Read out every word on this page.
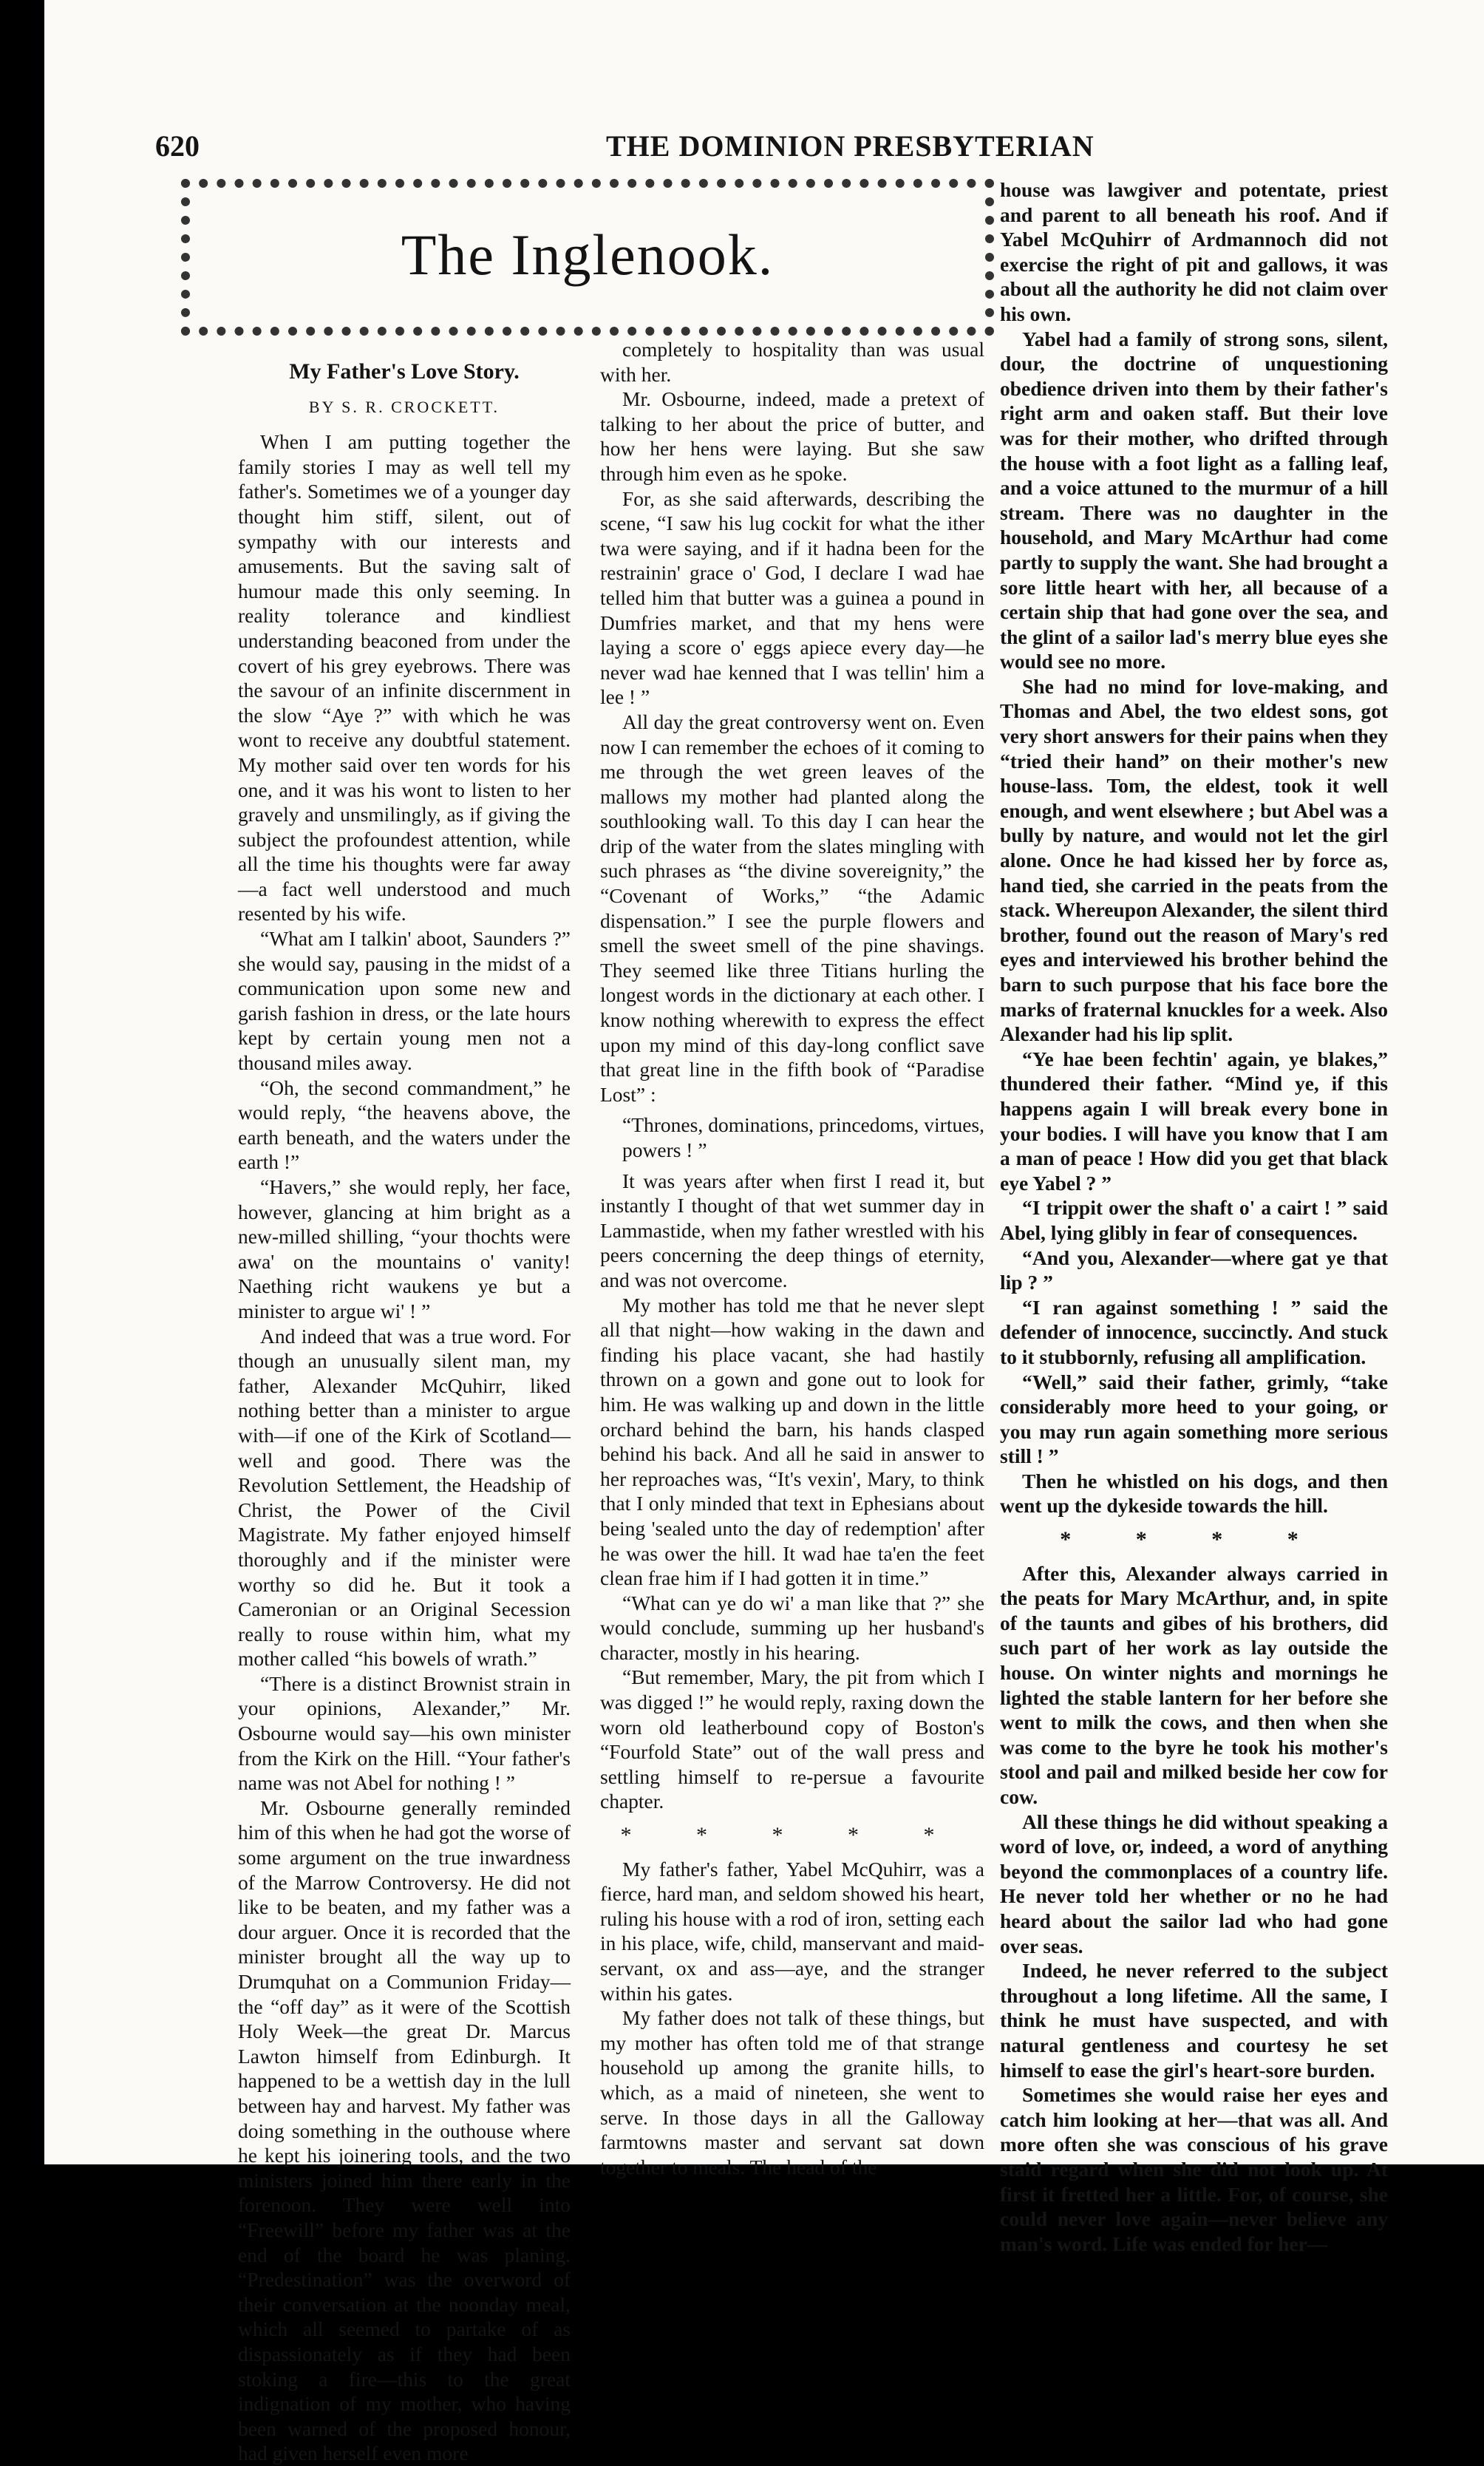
620	THE DOMINION PRESBYTERIAN
The Inglenook.

My Father's Love Story.

BY S. R. CROCKETT.

When I am putting together the family stories I may as well tell my father's. Sometimes we of a younger day thought him stiff, silent, out of sympathy with our interests and amusements. But the saving salt of humour made this only seeming. In reality tolerance and kindliest understanding beaconed from under the covert of his grey eyebrows. There was the savour of an infinite discernment in the slow “Aye ?” with which he was wont to receive any doubtful statement. My mother said over ten words for his one, and it was his wont to listen to her gravely and unsmilingly, as if giving the subject the profoundest attention, while all the time his thoughts were far away—a fact well understood and much resented by his wife.

“What am I talkin' aboot, Saunders ?” she would say, pausing in the midst of a communication upon some new and garish fashion in dress, or the late hours kept by certain young men not a thousand miles away.

“Oh, the second commandment,” he would reply, “the heavens above, the earth beneath, and the waters under the earth !”

“Havers,” she would reply, her face, however, glancing at him bright as a new-milled shilling, “your thochts were awa' on the mountains o' vanity! Naething richt waukens ye but a minister to argue wi' ! ”

And indeed that was a true word. For though an unusually silent man, my father, Alexander McQuhirr, liked nothing better than a minister to argue with—if one of the Kirk of Scotland—well and good. There was the Revolution Settlement, the Headship of Christ, the Power of the Civil Magistrate. My father enjoyed himself thoroughly and if the minister were worthy so did he. But it took a Cameronian or an Original Secession really to rouse within him, what my mother called “his bowels of wrath.”

“There is a distinct Brownist strain in your opinions, Alexander,” Mr. Osbourne would say—his own minister from the Kirk on the Hill. “Your father's name was not Abel for nothing ! ”

Mr. Osbourne generally reminded him of this when he had got the worse of some argument on the true inwardness of the Marrow Controversy. He did not like to be beaten, and my father was a dour arguer. Once it is recorded that the minister brought all the way up to Drumquhat on a Communion Friday—the “off day” as it were of the Scottish Holy Week—the great Dr. Marcus Lawton himself from Edinburgh. It happened to be a wettish day in the lull between hay and harvest. My father was doing something in the outhouse where he kept his joinering tools, and the two ministers joined him there early in the forenoon. They were well into “Freewill” before my father was at the end of the board he was planing. “Predestination” was the overword of their conversation at the noonday meal, which all seemed to partake of as dispassionately as if they had been stoking a fire—this to the great indignation of my mother, who having been warned of the proposed honour, had given herself even more

completely to hospitality than was usual with her.

Mr. Osbourne, indeed, made a pretext of talking to her about the price of butter, and how her hens were laying. But she saw through him even as he spoke.

For, as she said afterwards, describing the scene, “I saw his lug cockit for what the ither twa were saying, and if it hadna been for the restrainin' grace o' God, I declare I wad hae telled him that butter was a guinea a pound in Dumfries market, and that my hens were laying a score o' eggs apiece every day—he never wad hae kenned that I was tellin' him a lee ! ”

All day the great controversy went on. Even now I can remember the echoes of it coming to me through the wet green leaves of the mallows my mother had planted along the southlooking wall. To this day I can hear the drip of the water from the slates mingling with such phrases as “the divine sovereignity,” the “Covenant of Works,” “the Adamic dispensation.” I see the purple flowers and smell the sweet smell of the pine shavings. They seemed like three Titians hurling the longest words in the dictionary at each other. I know nothing wherewith to express the effect upon my mind of this day-long conflict save that great line in the fifth book of “Paradise Lost” :

“Thrones, dominations, princedoms, virtues, powers ! ”

It was years after when first I read it, but instantly I thought of that wet summer day in Lammastide, when my father wrestled with his peers concerning the deep things of eternity, and was not overcome.

My mother has told me that he never slept all that night—how waking in the dawn and finding his place vacant, she had hastily thrown on a gown and gone out to look for him. He was walking up and down in the little orchard behind the barn, his hands clasped behind his back. And all he said in answer to her reproaches was, “It's vexin', Mary, to think that I only minded that text in Ephesians about being 'sealed unto the day of redemption' after he was ower the hill. It wad hae ta'en the feet clean frae him if I had gotten it in time.”

“What can ye do wi' a man like that ?” she would conclude, summing up her husband's character, mostly in his hearing.

“But remember, Mary, the pit from which I was digged !” he would reply, raxing down the worn old leatherbound copy of Boston's “Fourfold State” out of the wall press and settling himself to re-persue a favourite chapter.

* * * * *

My father's father, Yabel McQuhirr, was a fierce, hard man, and seldom showed his heart, ruling his house with a rod of iron, setting each in his place, wife, child, manservant and maid-servant, ox and ass—aye, and the stranger within his gates.

My father does not talk of these things, but my mother has often told me of that strange household up among the granite hills, to which, as a maid of nineteen, she went to serve. In those days in all the Galloway farmtowns master and servant sat down together to meals. The head of the

house was lawgiver and potentate, priest and parent to all beneath his roof. And if Yabel McQuhirr of Ardmannoch did not exercise the right of pit and gallows, it was about all the authority he did not claim over his own.

Yabel had a family of strong sons, silent, dour, the doctrine of unquestioning obedience driven into them by their father's right arm and oaken staff. But their love was for their mother, who drifted through the house with a foot light as a falling leaf, and a voice attuned to the murmur of a hill stream. There was no daughter in the household, and Mary McArthur had come partly to supply the want. She had brought a sore little heart with her, all because of a certain ship that had gone over the sea, and the glint of a sailor lad's merry blue eyes she would see no more.

She had no mind for love-making, and Thomas and Abel, the two eldest sons, got very short answers for their pains when they “tried their hand” on their mother's new house-lass. Tom, the eldest, took it well enough, and went elsewhere ; but Abel was a bully by nature, and would not let the girl alone. Once he had kissed her by force as, hand tied, she carried in the peats from the stack. Whereupon Alexander, the silent third brother, found out the reason of Mary's red eyes and interviewed his brother behind the barn to such purpose that his face bore the marks of fraternal knuckles for a week. Also Alexander had his lip split.

“Ye hae been fechtin' again, ye blakes,” thundered their father. “Mind ye, if this happens again I will break every bone in your bodies. I will have you know that I am a man of peace ! How did you get that black eye Yabel ? ”

“I trippit ower the shaft o' a cairt ! ” said Abel, lying glibly in fear of consequences.

“And you, Alexander—where gat ye that lip ? ”

“I ran against something ! ” said the defender of innocence, succinctly. And stuck to it stubbornly, refusing all amplification.

“Well,” said their father, grimly, “take considerably more heed to your going, or you may run again something more serious still ! ”

Then he whistled on his dogs, and then went up the dykeside towards the hill.

* * * *

After this, Alexander always carried in the peats for Mary McArthur, and, in spite of the taunts and gibes of his brothers, did such part of her work as lay outside the house. On winter nights and mornings he lighted the stable lantern for her before she went to milk the cows, and then when she was come to the byre he took his mother's stool and pail and milked beside her cow for cow.

All these things he did without speaking a word of love, or, indeed, a word of anything beyond the commonplaces of a country life. He never told her whether or no he had heard about the sailor lad who had gone over seas.

Indeed, he never referred to the subject throughout a long lifetime. All the same, I think he must have suspected, and with natural gentleness and courtesy he set himself to ease the girl's heart-sore burden.

Sometimes she would raise her eyes and catch him looking at her—that was all. And more often she was conscious of his grave staid regard when she did not look up. At first it fretted her a little. For, of course, she could never love again—never believe any man's word. Life was ended for her—
